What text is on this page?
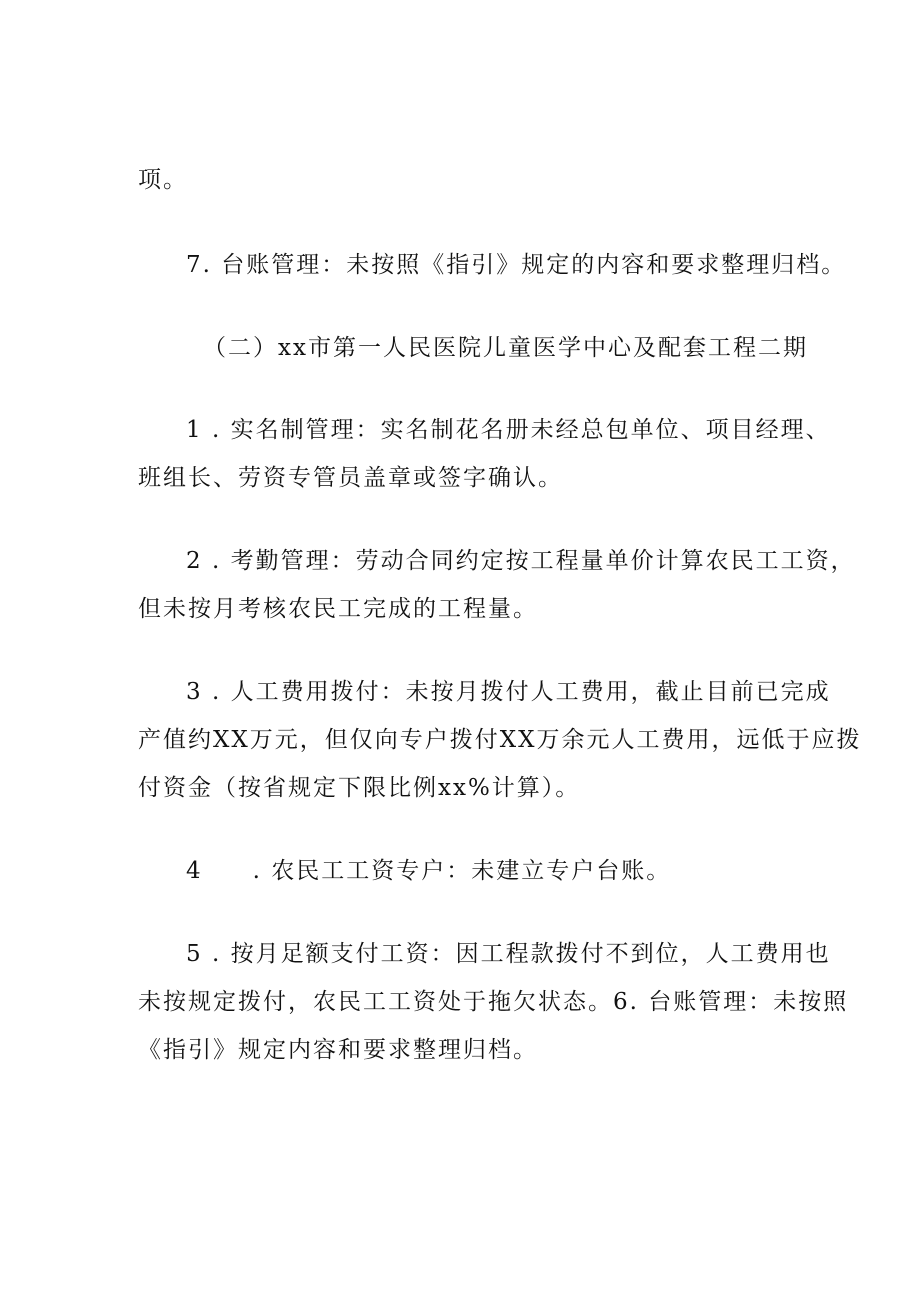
项。
7. 台账管理：未按照《指引》规定的内容和要求整理归档。
（二）xx市第一人民医院儿童医学中心及配套工程二期
1 . 实名制管理：实名制花名册未经总包单位、项目经理、
班组长、劳资专管员盖章或签字确认。
2 . 考勤管理：劳动合同约定按工程量单价计算农民工工资，
但未按月考核农民工完成的工程量。
3 . 人工费用拨付：未按月拨付人工费用，截止目前已完成
产值约XX万元，但仅向专户拨付XX万余元人工费用，远低于应拨
付资金（按省规定下限比例xx%计算）。
4　　. 农民工工资专户：未建立专户台账。
5 . 按月足额支付工资：因工程款拨付不到位，人工费用也
未按规定拨付，农民工工资处于拖欠状态。6. 台账管理：未按照
《指引》规定内容和要求整理归档。
